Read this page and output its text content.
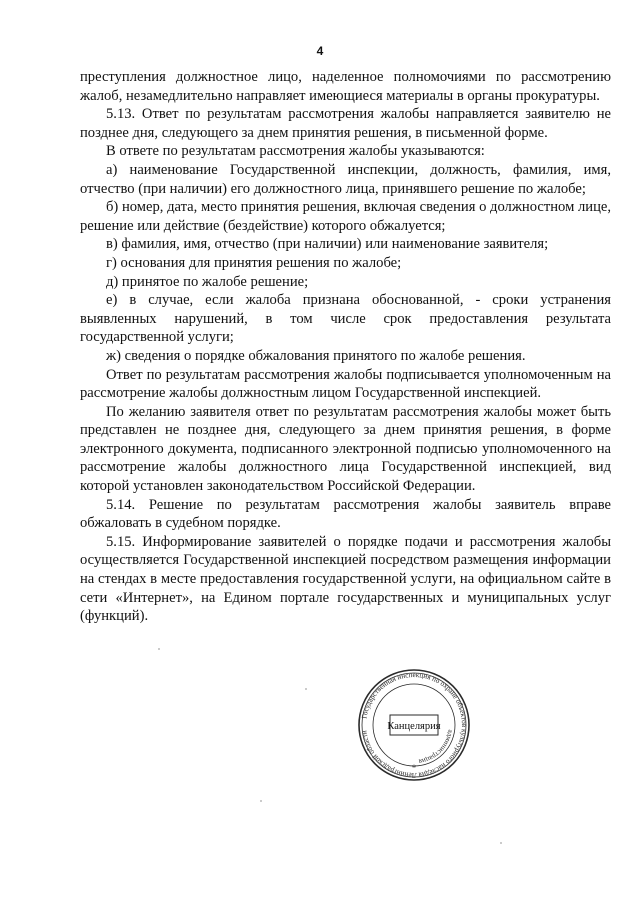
4

преступления должностное лицо, наделенное полномочиями по рассмотрению жалоб, незамедлительно направляет имеющиеся материалы в органы прокуратуры.

5.13. Ответ по результатам рассмотрения жалобы направляется заявителю не позднее дня, следующего за днем принятия решения, в письменной форме.

В ответе по результатам рассмотрения жалобы указываются:

а) наименование Государственной инспекции, должность, фамилия, имя, отчество (при наличии) его должностного лица, принявшего решение по жалобе;

б) номер, дата, место принятия решения, включая сведения о должностном лице, решение или действие (бездействие) которого обжалуется;

в) фамилия, имя, отчество (при наличии) или наименование заявителя;

г) основания для принятия решения по жалобе;

д) принятое по жалобе решение;

е) в случае, если жалоба признана обоснованной, - сроки устранения выявленных нарушений, в том числе срок предоставления результата государственной услуги;

ж) сведения о порядке обжалования принятого по жалобе решения.

Ответ по результатам рассмотрения жалобы подписывается уполномоченным на рассмотрение жалобы должностным лицом Государственной инспекцией.

По желанию заявителя ответ по результатам рассмотрения жалобы может быть представлен не позднее дня, следующего за днем принятия решения, в форме электронного документа, подписанного электронной подписью уполномоченного на рассмотрение жалобы должностного лица Государственной инспекцией, вид которой установлен законодательством Российской Федерации.

5.14. Решение по результатам рассмотрения жалобы заявитель вправе обжаловать в судебном порядке.

5.15. Информирование заявителей о порядке подачи и рассмотрения жалобы осуществляется Государственной инспекцией посредством размещения информации на стендах в месте предоставления государственной услуги, на официальном сайте в сети «Интернет», на Едином портале государственных и муниципальных услуг (функций).

Государственная инспекция по охране объектов культурного наследия Ленинградской области	администрация
Канцелярия
*
